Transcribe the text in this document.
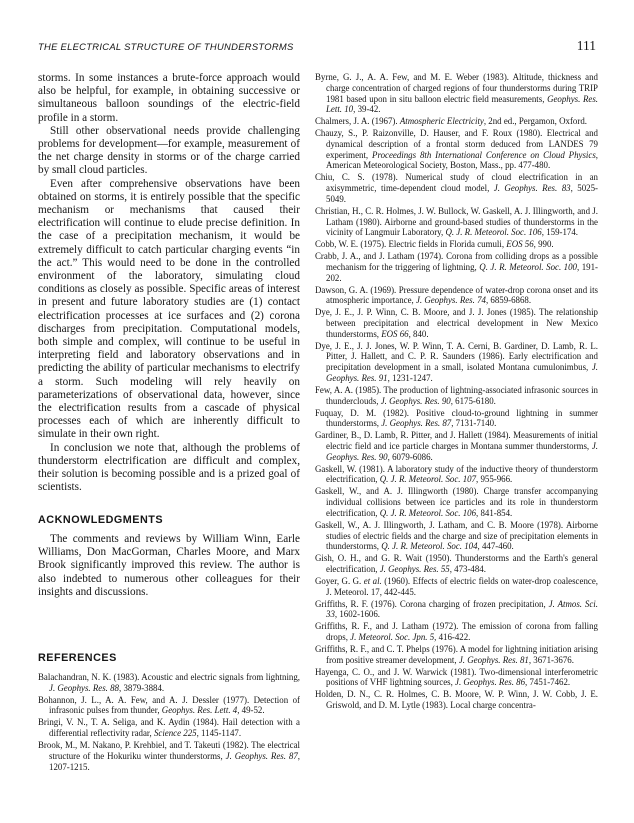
THE ELECTRICAL STRUCTURE OF THUNDERSTORMS	111

storms. In some instances a brute-force approach would also be helpful, for example, in obtaining successive or simultaneous balloon soundings of the electric-field profile in a storm.

Still other observational needs provide challenging problems for development—for example, measurement of the net charge density in storms or of the charge carried by small cloud particles.

Even after comprehensive observations have been obtained on storms, it is entirely possible that the specific mechanism or mechanisms that caused their electrification will continue to elude precise definition. In the case of a precipitation mechanism, it would be extremely difficult to catch particular charging events “in the act.” This would need to be done in the controlled environment of the laboratory, simulating cloud conditions as closely as possible. Specific areas of interest in present and future laboratory studies are (1) contact electrification processes at ice surfaces and (2) corona discharges from precipitation. Computational models, both simple and complex, will continue to be useful in interpreting field and laboratory observations and in predicting the ability of particular mechanisms to electrify a storm. Such modeling will rely heavily on parameterizations of observational data, however, since the electrification results from a cascade of physical processes each of which are inherently difficult to simulate in their own right.

In conclusion we note that, although the problems of thunderstorm electrification are difficult and complex, their solution is becoming possible and is a prized goal of scientists.

ACKNOWLEDGMENTS

The comments and reviews by William Winn, Earle Williams, Don MacGorman, Charles Moore, and Marx Brook significantly improved this review. The author is also indebted to numerous other colleagues for their insights and discussions.

REFERENCES

Balachandran, N. K. (1983). Acoustic and electric signals from lightning, J. Geophys. Res. 88, 3879-3884.

Bohannon, J. L., A. A. Few, and A. J. Dessler (1977). Detection of infrasonic pulses from thunder, Geophys. Res. Lett. 4, 49-52.

Bringi, V. N., T. A. Seliga, and K. Aydin (1984). Hail detection with a differential reflectivity radar, Science 225, 1145-1147.

Brook, M., M. Nakano, P. Krehbiel, and T. Takeuti (1982). The electrical structure of the Hokuriku winter thunderstorms, J. Geophys. Res. 87, 1207-1215.

Byrne, G. J., A. A. Few, and M. E. Weber (1983). Altitude, thickness and charge concentration of charged regions of four thunderstorms during TRIP 1981 based upon in situ balloon electric field measurements, Geophys. Res. Lett. 10, 39-42.

Chalmers, J. A. (1967). Atmospheric Electricity, 2nd ed., Pergamon, Oxford.

Chauzy, S., P. Raizonville, D. Hauser, and F. Roux (1980). Electrical and dynamical description of a frontal storm deduced from LANDES 79 experiment, Proceedings 8th International Conference on Cloud Physics, American Meteorological Society, Boston, Mass., pp. 477-480.

Chiu, C. S. (1978). Numerical study of cloud electrification in an axisymmetric, time-dependent cloud model, J. Geophys. Res. 83, 5025-5049.

Christian, H., C. R. Holmes, J. W. Bullock, W. Gaskell, A. J. Illingworth, and J. Latham (1980). Airborne and ground-based studies of thunderstorms in the vicinity of Langmuir Laboratory, Q. J. R. Meteorol. Soc. 106, 159-174.

Cobb, W. E. (1975). Electric fields in Florida cumuli, EOS 56, 990.

Crabb, J. A., and J. Latham (1974). Corona from colliding drops as a possible mechanism for the triggering of lightning, Q. J. R. Meteorol. Soc. 100, 191-202.

Dawson, G. A. (1969). Pressure dependence of water-drop corona onset and its atmospheric importance, J. Geophys. Res. 74, 6859-6868.

Dye, J. E., J. P. Winn, C. B. Moore, and J. J. Jones (1985). The relationship between precipitation and electrical development in New Mexico thunderstorms, EOS 66, 840.

Dye, J. E., J. J. Jones, W. P. Winn, T. A. Cerni, B. Gardiner, D. Lamb, R. L. Pitter, J. Hallett, and C. P. R. Saunders (1986). Early electrification and precipitation development in a small, isolated Montana cumulonimbus, J. Geophys. Res. 91, 1231-1247.

Few, A. A. (1985). The production of lightning-associated infrasonic sources in thunderclouds, J. Geophys. Res. 90, 6175-6180.

Fuquay, D. M. (1982). Positive cloud-to-ground lightning in summer thunderstorms, J. Geophys. Res. 87, 7131-7140.

Gardiner, B., D. Lamb, R. Pitter, and J. Hallett (1984). Measurements of initial electric field and ice particle charges in Montana summer thunderstorms, J. Geophys. Res. 90, 6079-6086.

Gaskell, W. (1981). A laboratory study of the inductive theory of thunderstorm electrification, Q. J. R. Meteorol. Soc. 107, 955-966.

Gaskell, W., and A. J. Illingworth (1980). Charge transfer accompanying individual collisions between ice particles and its role in thunderstorm electrification, Q. J. R. Meteorol. Soc. 106, 841-854.

Gaskell, W., A. J. Illingworth, J. Latham, and C. B. Moore (1978). Airborne studies of electric fields and the charge and size of precipitation elements in thunderstorms, Q. J. R. Meteorol. Soc. 104, 447-460.

Gish, O. H., and G. R. Wait (1950). Thunderstorms and the Earth's general electrification, J. Geophys. Res. 55, 473-484.

Goyer, G. G. et al. (1960). Effects of electric fields on water-drop coalescence, J. Meteorol. 17, 442-445.

Griffiths, R. F. (1976). Corona charging of frozen precipitation, J. Atmos. Sci. 33, 1602-1606.

Griffiths, R. F., and J. Latham (1972). The emission of corona from falling drops, J. Meteorol. Soc. Jpn. 5, 416-422.

Griffiths, R. F., and C. T. Phelps (1976). A model for lightning initiation arising from positive streamer development, J. Geophys. Res. 81, 3671-3676.

Hayenga, C. O., and J. W. Warwick (1981). Two-dimensional interferometric positions of VHF lightning sources, J. Geophys. Res. 86, 7451-7462.

Holden, D. N., C. R. Holmes, C. B. Moore, W. P. Winn, J. W. Cobb, J. E. Griswold, and D. M. Lytle (1983). Local charge concentra-
